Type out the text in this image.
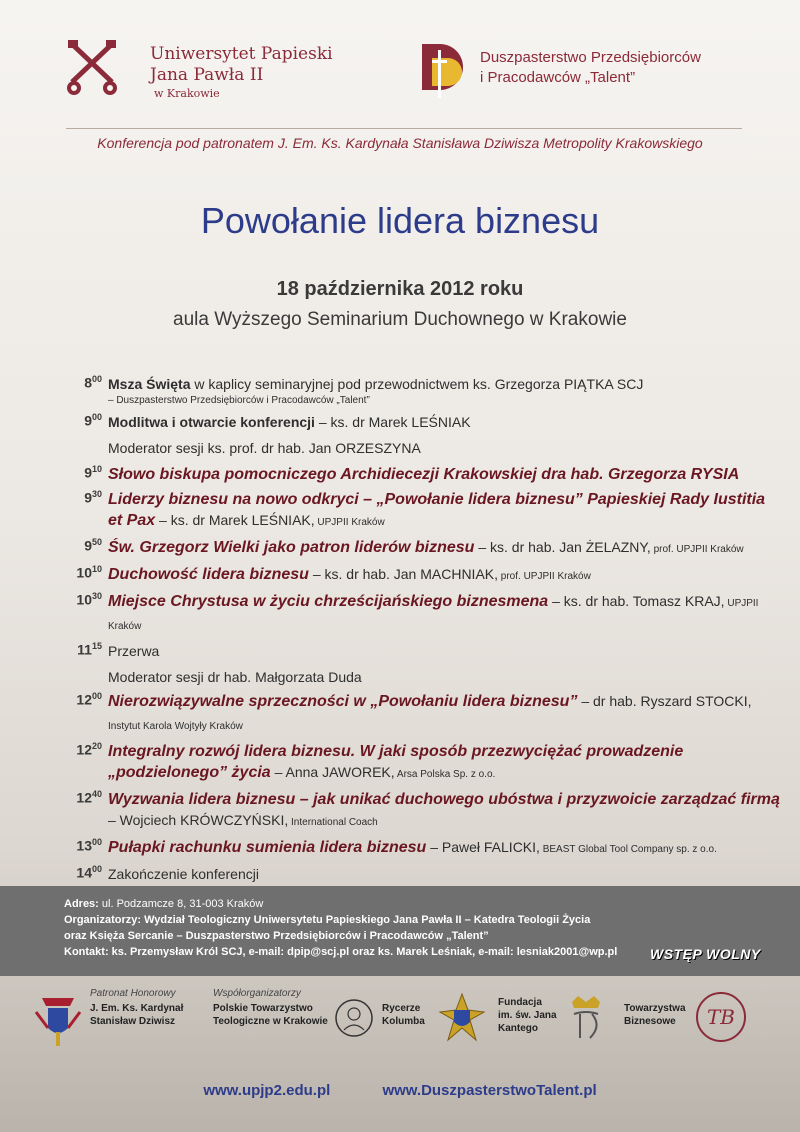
Uniwersytet Papieski
Jana Pawła II
w Krakowie
Duszpasterstwo Przedsiębiorców
i Pracodawców „Talent”
Konferencja pod patronatem J. Em. Ks. Kardynała Stanisława Dziwisza Metropolity Krakowskiego
Powołanie lidera biznesu
18 października 2012 roku
aula Wyższego Seminarium Duchownego w Krakowie
$8^{00}$ Msza Święta w kaplicy seminaryjnej pod przewodnictwem ks. Grzegorza PIĄTKA SCJ
– Duszpasterstwo Przedsiębiorców i Pracodawców „Talent”
$9^{00}$ Modlitwa i otwarcie konferencji – ks. dr Marek LEŚNIAK
Moderator sesji ks. prof. dr hab. Jan ORZESZYNA
$9^{10}$ Słowo biskupa pomocniczego Archidiecezji Krakowskiej dra hab. Grzegorza RYSIA
$9^{30}$ Liderzy biznesu na nowo odkryci – „Powołanie lidera biznesu” Papieskiej Rady Iustitia et Pax – ks. dr Marek LEŚNIAK, UPJPII Kraków
$9^{50}$ Św. Grzegorz Wielki jako patron liderów biznesu – ks. dr hab. Jan ŻELAZNY, prof. UPJPII Kraków
$10^{10}$ Duchowość lidera biznesu – ks. dr hab. Jan MACHNIAK, prof. UPJPII Kraków
$10^{30}$ Miejsce Chrystusa w życiu chrześcijańskiego biznesmena – ks. dr hab. Tomasz KRAJ, UPJPII Kraków
$11^{15}$ Przerwa
Moderator sesji dr hab. Małgorzata Duda
$12^{00}$ Nierozwiązywalne sprzeczności w „Powołaniu lidera biznesu” – dr hab. Ryszard STOCKI, Instytut Karola Wojtyły Kraków
$12^{20}$ Integralny rozwój lidera biznesu. W jaki sposób przezwyciężać prowadzenie „podzielonego” życia – Anna JAWOREK, Arsa Polska Sp. z o.o.
$12^{40}$ Wyzwania lidera biznesu – jak unikać duchowego ubóstwa i przyzwoicie zarządzać firmą – Wojciech KRÓWCZYŃSKI, International Coach
$13^{00}$ Pułapki rachunku sumienia lidera biznesu – Paweł FALICKI, BEAST Global Tool Company sp. z o.o.
$14^{00}$ Zakończenie konferencji
Adres: ul. Podzamcze 8, 31-003 Kraków
Organizatorzy: Wydział Teologiczny Uniwersytetu Papieskiego Jana Pawła II – Katedra Teologii Życia
oraz Księża Sercanie – Duszpasterstwo Przedsiębiorców i Pracodawców „Talent”
Kontakt: ks. Przemysław Król SCJ, e-mail: dpip@scj.pl oraz ks. Marek Leśniak, e-mail: lesniak2001@wp.pl WSTĘP WOLNY
Patronat Honorowy
J. Em. Ks. Kardynał
Stanisław Dziwisz
Współorganizatorzy
Polskie Towarzystwo
Teologiczne w Krakowie
Rycerze
Kolumba
Fundacja
im. św. Jana
Kantego
Towarzystwa
Biznesowe	TB
www.upjp2.edu.pl	www.DuszpasterstwoTalent.pl
